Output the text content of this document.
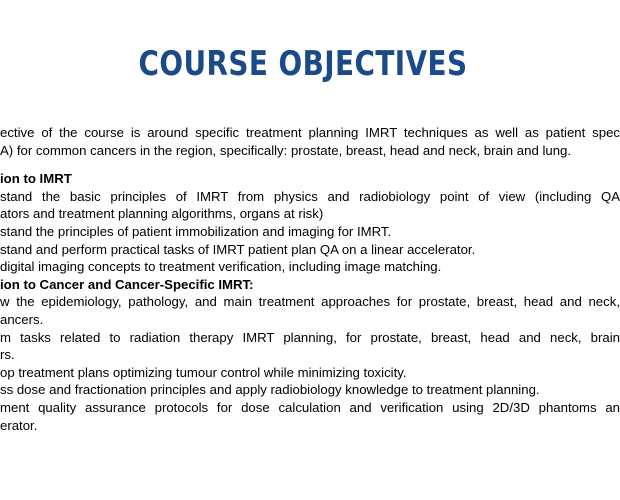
COURSE OBJECTIVES
ective of the course is around specific treatment planning IMRT techniques as well as patient spec
A) for common cancers in the region, specifically: prostate, breast, head and neck, brain and lung.
ion to IMRT
stand the basic principles of IMRT from physics and radiobiology point of view (including QA
ators and treatment planning algorithms, organs at risk)
stand the principles of patient immobilization and imaging for IMRT.
stand and perform practical tasks of IMRT patient plan QA on a linear accelerator.
digital imaging concepts to treatment verification, including image matching.
ion to Cancer and Cancer-Specific IMRT:
w the epidemiology, pathology, and main treatment approaches for prostate, breast, head and neck,
ancers.
m tasks related to radiation therapy IMRT planning, for prostate, breast, head and neck, brain
rs.
op treatment plans optimizing tumour control while minimizing toxicity.
ss dose and fractionation principles and apply radiobiology knowledge to treatment planning.
ment quality assurance protocols for dose calculation and verification using 2D/3D phantoms an
erator.
